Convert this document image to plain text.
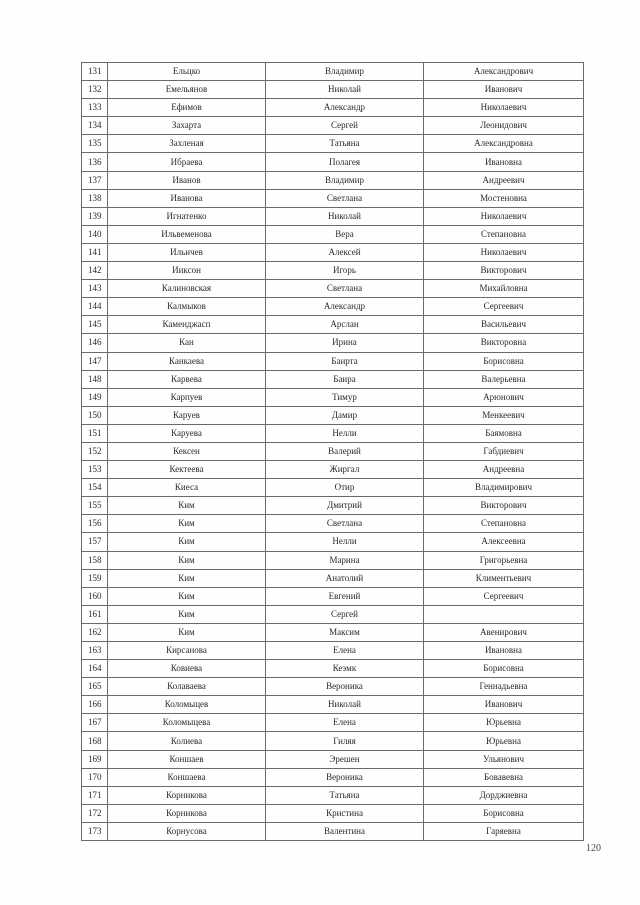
131	Ельцко	Владимир	Александрович
132	Емельянов	Николай	Иванович
133	Ефимов	Александр	Николаевич
134	Захарта	Сергей	Леонидович
135	Захленая	Татьяна	Александровна
136	Ибраева	Полагея	Ивановна
137	Иванов	Владимир	Андреевич
138	Иванова	Светлана	Мостеновна
139	Игнатенко	Николай	Николаевич
140	Ильвеменова	Вера	Степановна
141	Ильичев	Алексей	Николаевич
142	Ииксон	Игорь	Викторович
143	Калиновская	Светлана	Михайловна
144	Калмыков	Александр	Сергеевич
145	Каменджасп	Арслан	Васильевич
146	Кан	Ирина	Викторовна
147	Канкаева	Баирта	Борисовна
148	Карвева	Баира	Валерьевна
149	Карпуев	Тимур	Арюнович
150	Каруев	Дамир	Менкеевич
151	Каруева	Нелли	Баямовна
152	Кексен	Валерий	Габдиевич
153	Кектеева	Жиргал	Андреевна
154	Киеса	Отир	Владимирович
155	Ким	Дмитрий	Викторович
156	Ким	Светлана	Степановна
157	Ким	Нелли	Алексеевна
158	Ким	Марина	Григорьевна
159	Ким	Анатолий	Климентьевич
160	Ким	Евгений	Сергеевич
161	Ким	Сергей	
162	Ким	Максим	Авенирович
163	Кирсанова	Елена	Ивановна
164	Ковиева	Кеэмк	Борисовна
165	Колаваева	Вероника	Геннадьевна
166	Коломыцев	Николай	Иванович
167	Коломыцева	Елена	Юрьевна
168	Колиева	Гиляя	Юрьевна
169	Коншаев	Эрешен	Ульянович
170	Коншаева	Вероника	Бовавевна
171	Корникова	Татьяна	Дорджиевна
172	Корникова	Кристина	Борисовна
173	Корнусова	Валентина	Гаряевна
120
